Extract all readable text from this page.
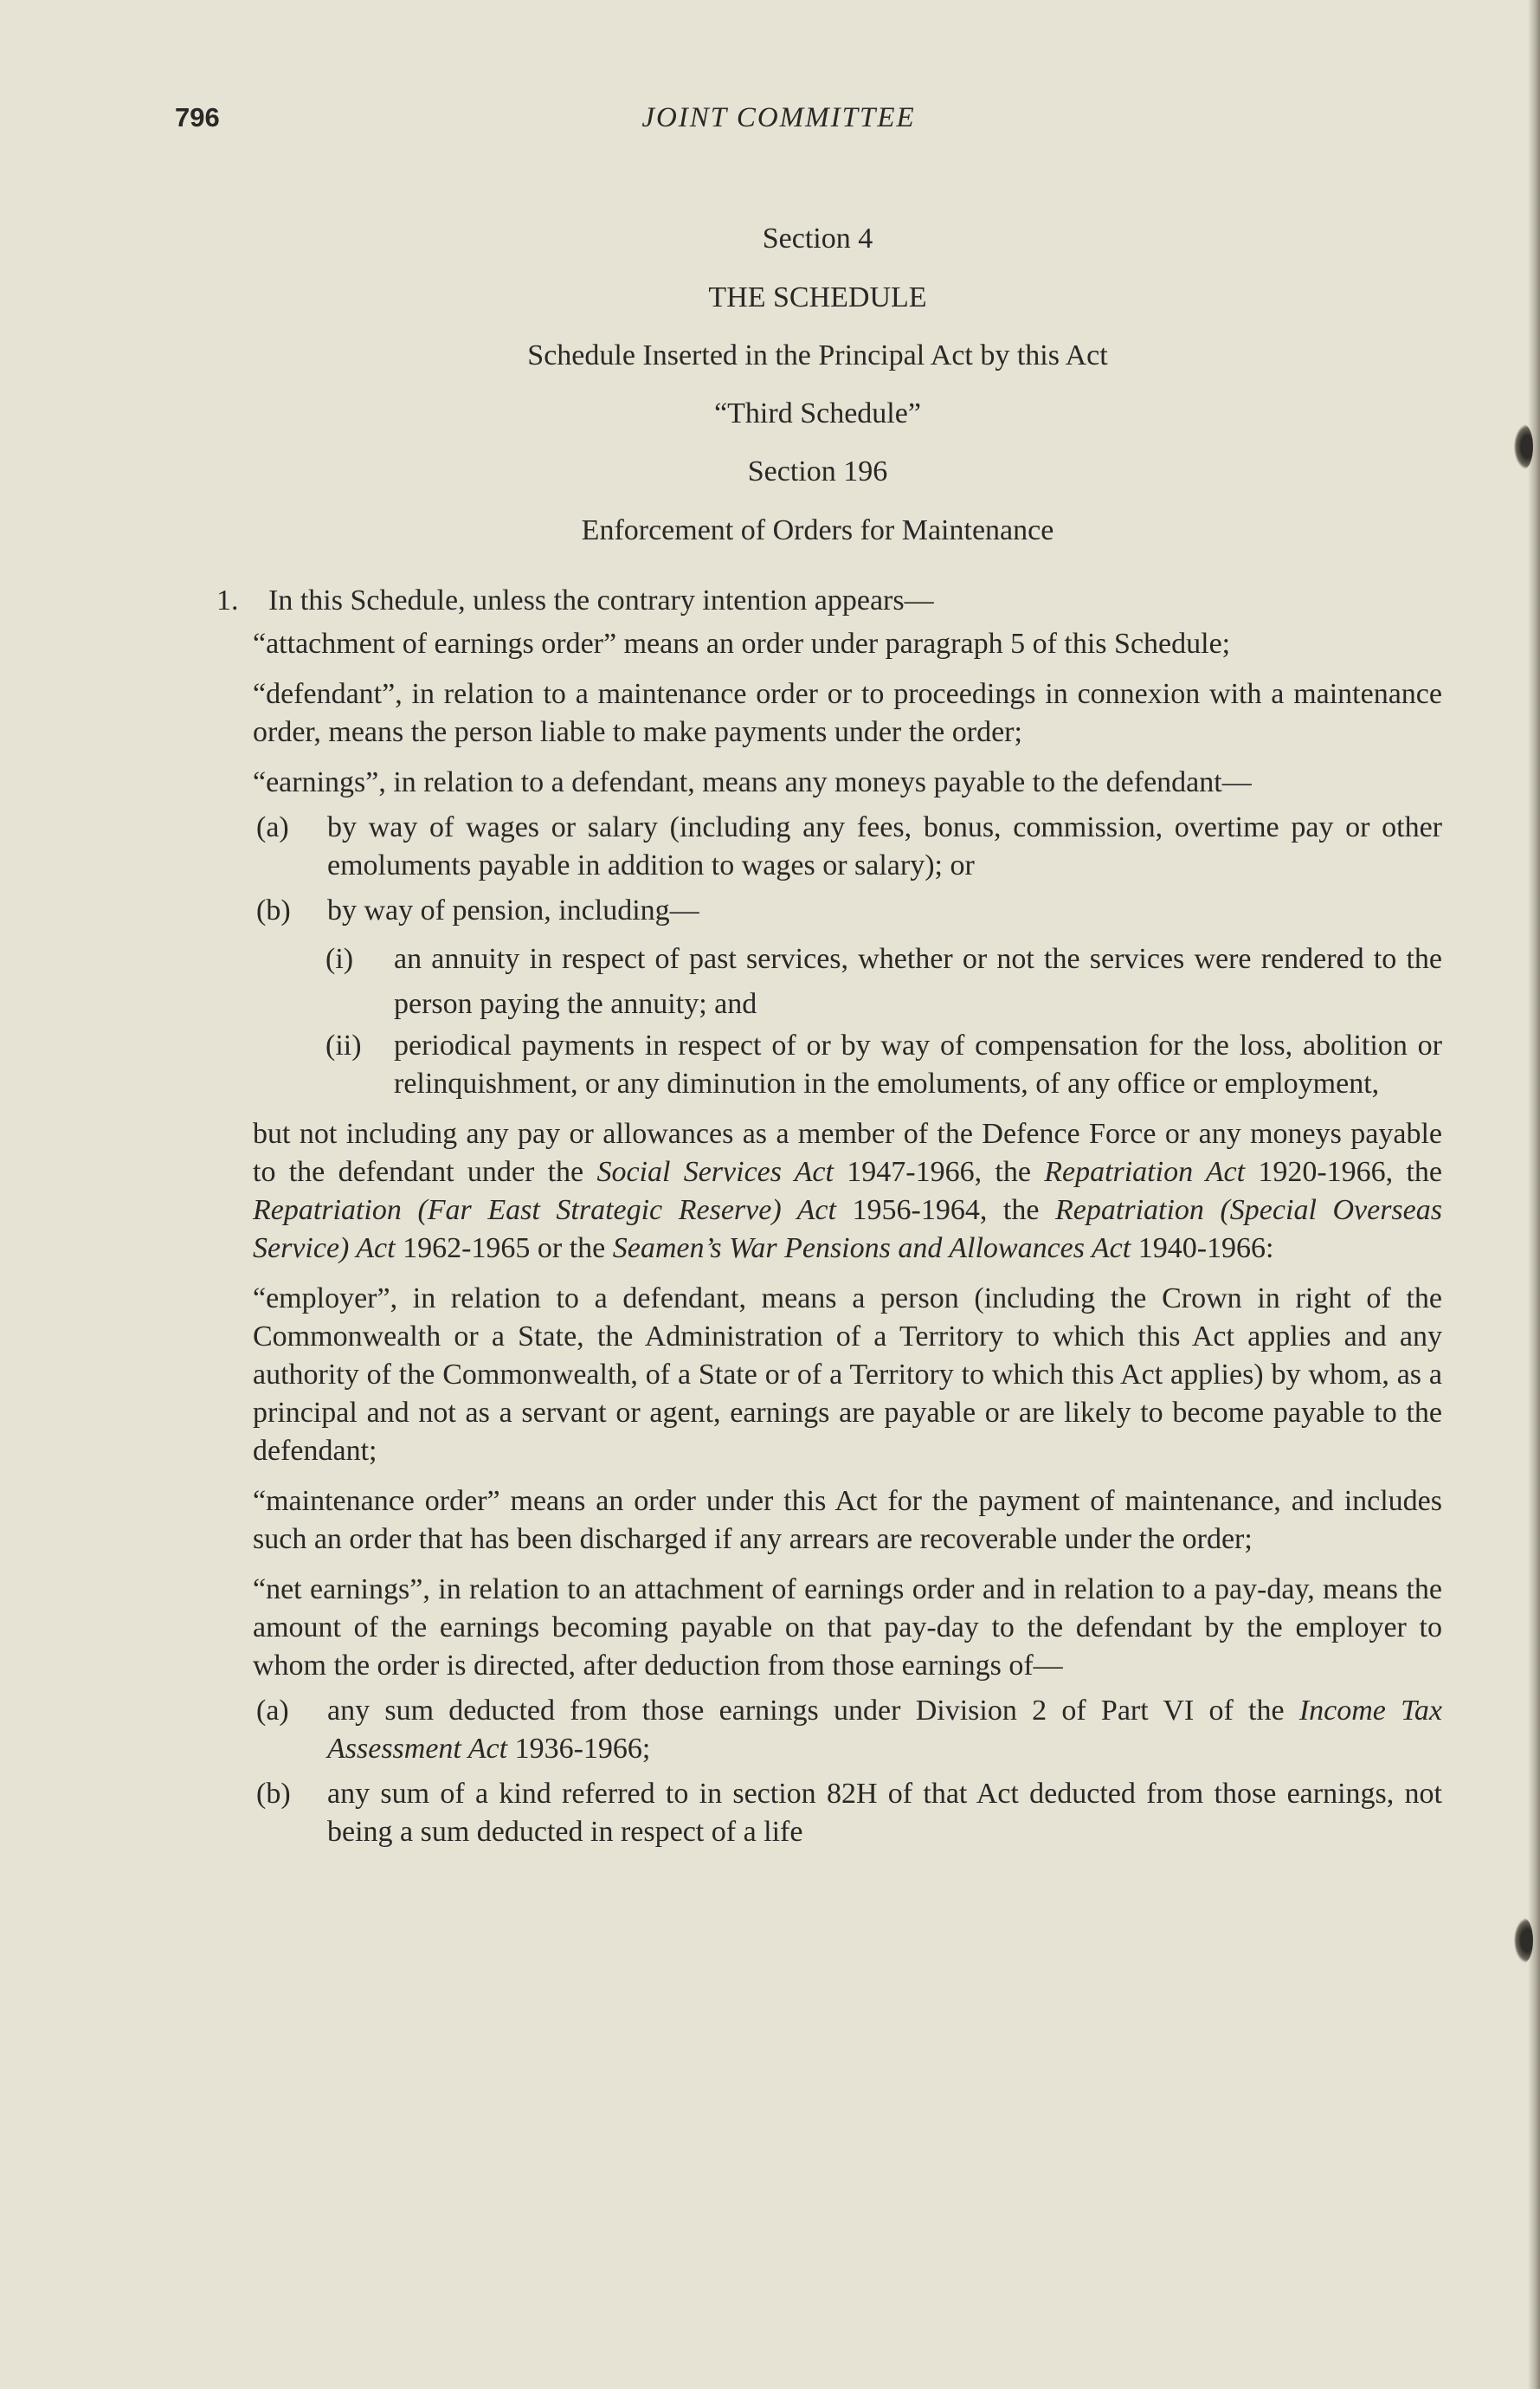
796	JOINT COMMITTEE
Section 4
THE SCHEDULE
Schedule Inserted in the Principal Act by this Act
“Third Schedule”
Section 196
Enforcement of Orders for Maintenance

1.	In this Schedule, unless the contrary intention appears—

“attachment of earnings order” means an order under paragraph 5 of this Schedule;

“defendant”, in relation to a maintenance order or to proceedings in connexion with a maintenance order, means the person liable to make payments under the order;

“earnings”, in relation to a defendant, means any moneys payable to the defendant—

(a) by way of wages or salary (including any fees, bonus, commission, overtime pay or other emoluments payable in addition to wages or salary); or

(b) by way of pension, including—

(i) an annuity in respect of past services, whether or not the services were rendered to the person paying the annuity; and

(ii) periodical payments in respect of or by way of compensation for the loss, abolition or relinquishment, or any diminution in the emoluments, of any office or employment,

but not including any pay or allowances as a member of the Defence Force or any moneys payable to the defendant under the Social Services Act 1947-1966, the Repatriation Act 1920-1966, the Repatriation (Far East Strategic Reserve) Act 1956-1964, the Repatriation (Special Overseas Service) Act 1962-1965 or the Seamen’s War Pensions and Allowances Act 1940-1966:

“employer”, in relation to a defendant, means a person (including the Crown in right of the Commonwealth or a State, the Administration of a Territory to which this Act applies and any authority of the Commonwealth, of a State or of a Territory to which this Act applies) by whom, as a principal and not as a servant or agent, earnings are payable or are likely to become payable to the defendant;

“maintenance order” means an order under this Act for the payment of maintenance, and includes such an order that has been discharged if any arrears are recoverable under the order;

“net earnings”, in relation to an attachment of earnings order and in relation to a pay-day, means the amount of the earnings becoming payable on that pay-day to the defendant by the employer to whom the order is directed, after deduction from those earnings of—

(a) any sum deducted from those earnings under Division 2 of Part VI of the Income Tax Assessment Act 1936-1966;

(b) any sum of a kind referred to in section 82H of that Act deducted from those earnings, not being a sum deducted in respect of a life
